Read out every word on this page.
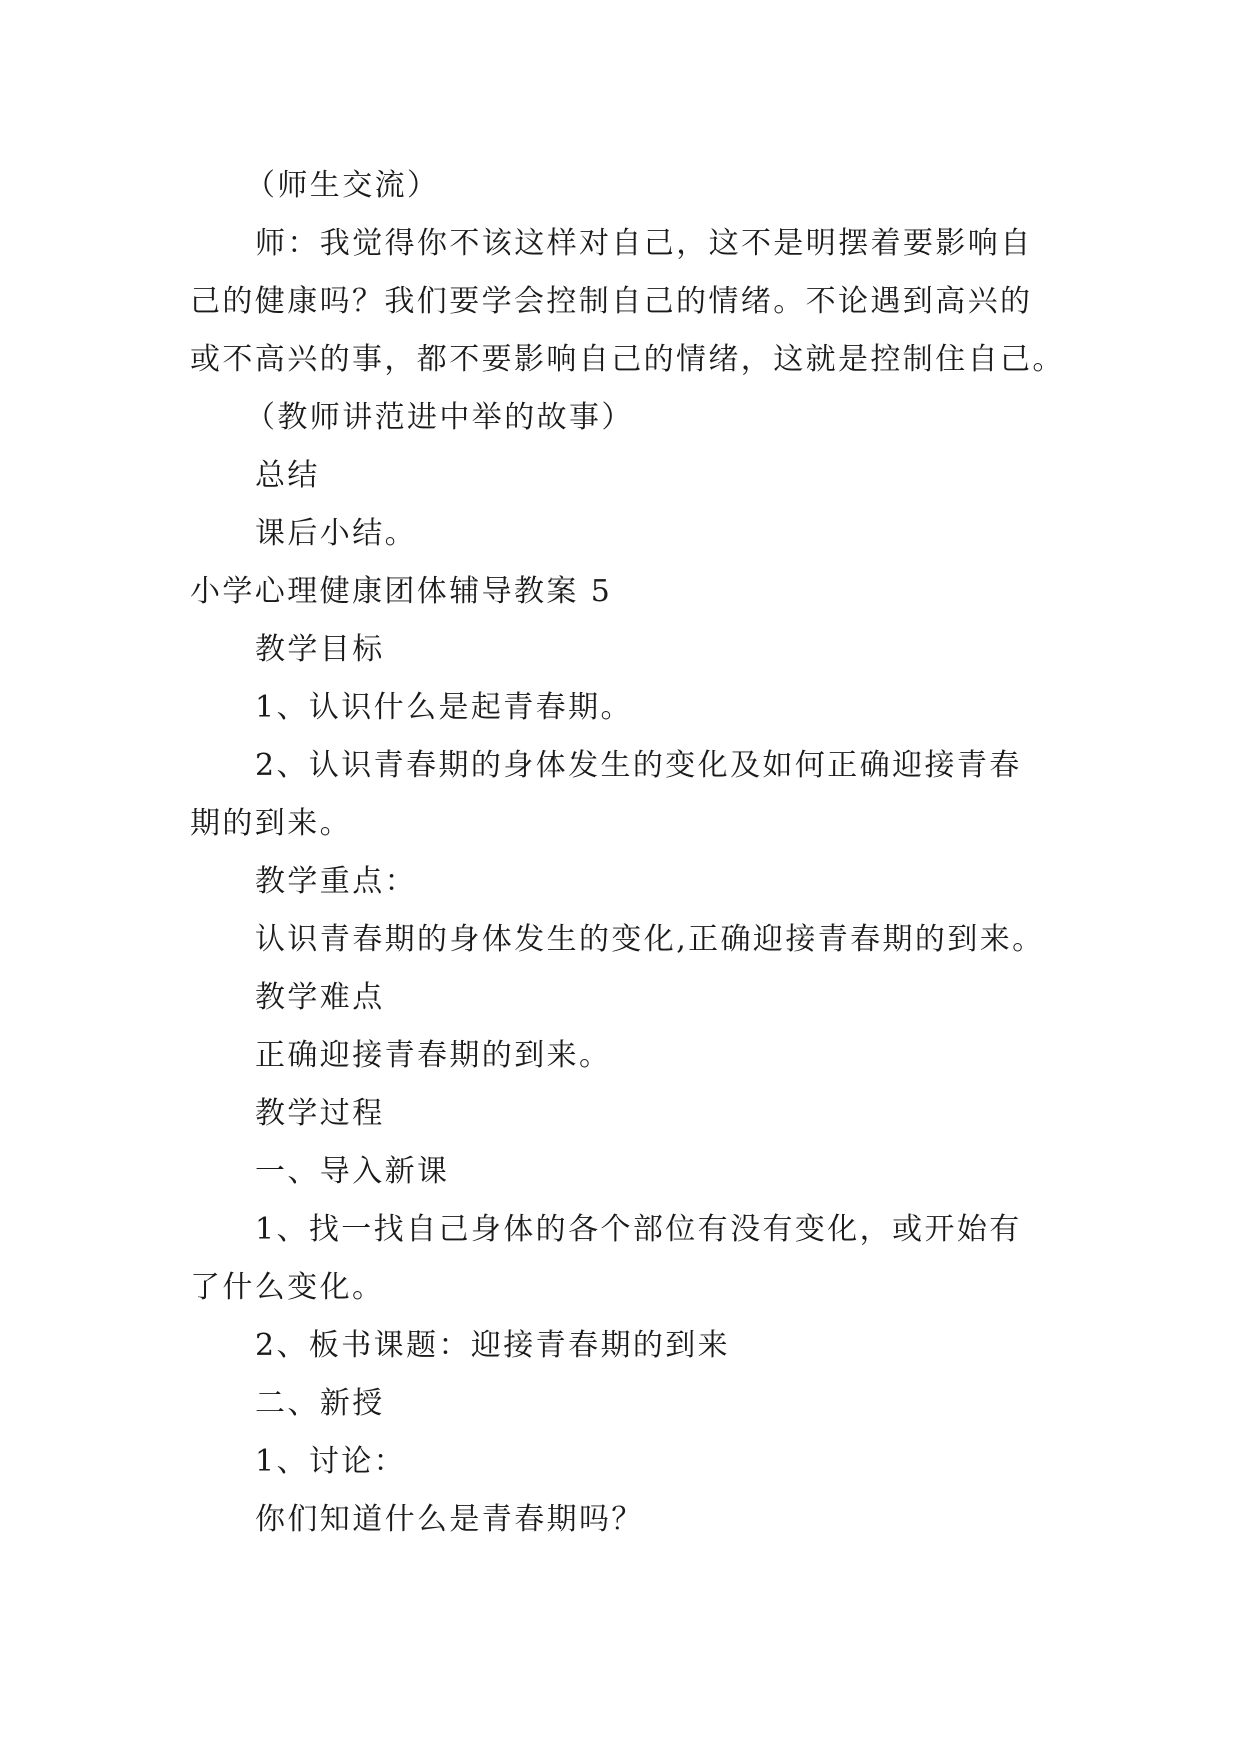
（师生交流）
师：我觉得你不该这样对自己，这不是明摆着要影响自
己的健康吗？我们要学会控制自己的情绪。不论遇到高兴的
或不高兴的事，都不要影响自己的情绪，这就是控制住自己。
（教师讲范进中举的故事）
总结
课后小结。
小学心理健康团体辅导教案 5
教学目标
1、认识什么是起青春期。
2、认识青春期的身体发生的变化及如何正确迎接青春
期的到来。
教学重点：
认识青春期的身体发生的变化,正确迎接青春期的到来。
教学难点
正确迎接青春期的到来。
教学过程
一、导入新课
1、找一找自己身体的各个部位有没有变化，或开始有
了什么变化。
2、板书课题：迎接青春期的到来
二、新授
1、讨论：
你们知道什么是青春期吗？
